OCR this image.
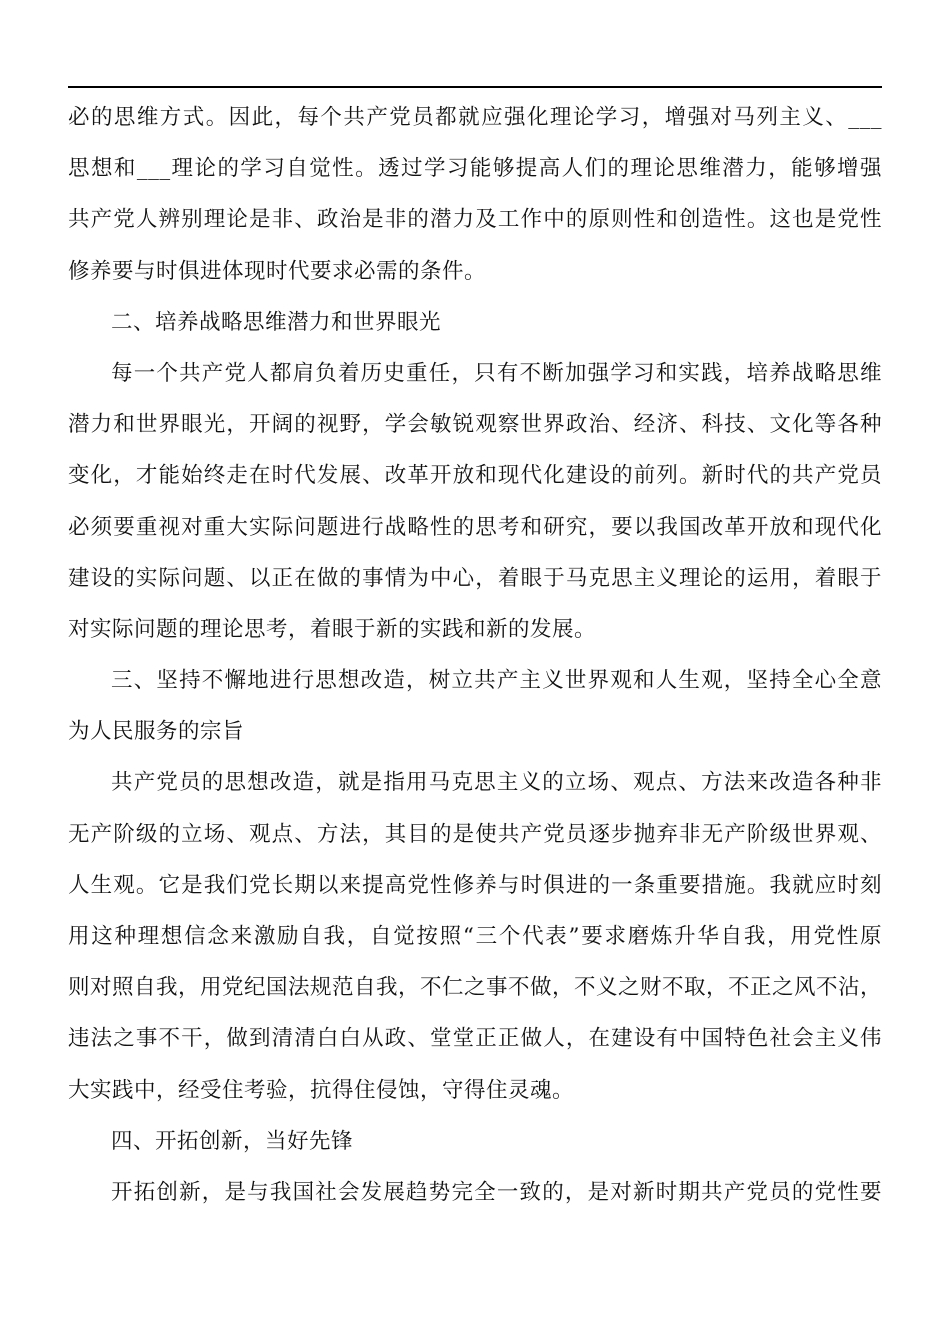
必的思维方式。因此，每个共产党员都就应强化理论学习，增强对马列主义、___
思想和___理论的学习自觉性。透过学习能够提高人们的理论思维潜力，能够增强
共产党人辨别理论是非、政治是非的潜力及工作中的原则性和创造性。这也是党性
修养要与时俱进体现时代要求必需的条件。
二、培养战略思维潜力和世界眼光
每一个共产党人都肩负着历史重任，只有不断加强学习和实践，培养战略思维
潜力和世界眼光，开阔的视野，学会敏锐观察世界政治、经济、科技、文化等各种
变化，才能始终走在时代发展、改革开放和现代化建设的前列。新时代的共产党员
必须要重视对重大实际问题进行战略性的思考和研究，要以我国改革开放和现代化
建设的实际问题、以正在做的事情为中心，着眼于马克思主义理论的运用，着眼于
对实际问题的理论思考，着眼于新的实践和新的发展。
三、坚持不懈地进行思想改造，树立共产主义世界观和人生观，坚持全心全意
为人民服务的宗旨
共产党员的思想改造，就是指用马克思主义的立场、观点、方法来改造各种非
无产阶级的立场、观点、方法，其目的是使共产党员逐步抛弃非无产阶级世界观、
人生观。它是我们党长期以来提高党性修养与时俱进的一条重要措施。我就应时刻
用这种理想信念来激励自我，自觉按照“三个代表”要求磨炼升华自我，用党性原
则对照自我，用党纪国法规范自我，不仁之事不做，不义之财不取，不正之风不沾，
违法之事不干，做到清清白白从政、堂堂正正做人，在建设有中国特色社会主义伟
大实践中，经受住考验，抗得住侵蚀，守得住灵魂。
四、开拓创新，当好先锋
开拓创新，是与我国社会发展趋势完全一致的，是对新时期共产党员的党性要
